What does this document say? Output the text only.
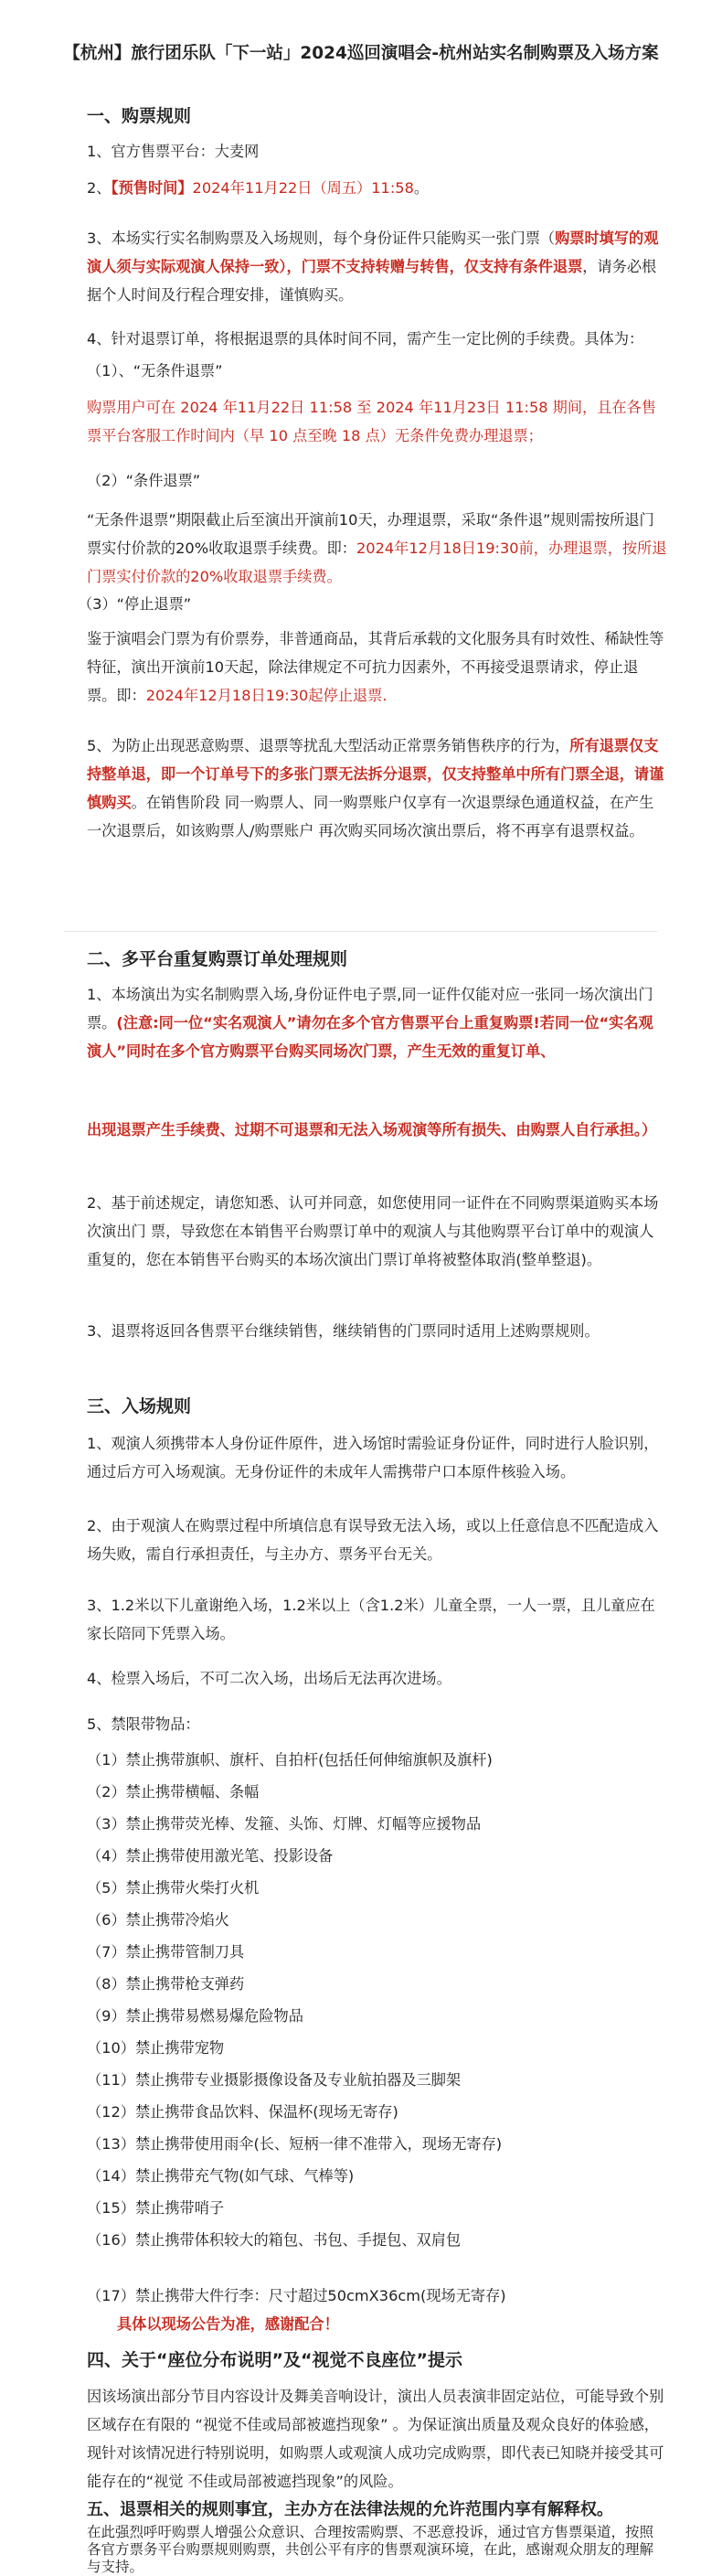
【杭州】旅行团乐队「下一站」2024巡回演唱会-杭州站实名制购票及入场方案
一、购票规则
1、官方售票平台：大麦网
2、【预售时间】2024年11月22日（周五）11:58。
3、本场实行实名制购票及入场规则，每个身份证件只能购买一张门票（购票时填写的观演人须与实际观演人保持一致），门票不支持转赠与转售，仅支持有条件退票，请务必根据个人时间及行程合理安排，谨慎购买。
4、针对退票订单，将根据退票的具体时间不同，需产生一定比例的手续费。具体为：
（1）、“无条件退票”
购票用户可在 2024 年11月22日 11:58 至 2024 年11月23日 11:58 期间，且在各售票平台客服工作时间内（早 10 点至晚 18 点）无条件免费办理退票；
（2）“条件退票”
“无条件退票”期限截止后至演出开演前10天，办理退票，采取“条件退”规则需按所退门票实付价款的20%收取退票手续费。即：2024年12月18日19:30前，办理退票，按所退门票实付价款的20%收取退票手续费。
（3）“停止退票”
鉴于演唱会门票为有价票券，非普通商品，其背后承载的文化服务具有时效性、稀缺性等特征，演出开演前10天起，除法律规定不可抗力因素外，不再接受退票请求，停止退票。即：2024年12月18日19:30起停止退票.
5、为防止出现恶意购票、退票等扰乱大型活动正常票务销售秩序的行为，所有退票仅支持整单退，即一个订单号下的多张门票无法拆分退票，仅支持整单中所有门票全退，请谨慎购买。在销售阶段 同一购票人、同一购票账户仅享有一次退票绿色通道权益，在产生一次退票后，如该购票人/购票账户 再次购买同场次演出票后，将不再享有退票权益。
二、多平台重复购票订单处理规则
1、本场演出为实名制购票入场,身份证件电子票,同一证件仅能对应一张同一场次演出门票。(注意:同一位“实名观演人”请勿在多个官方售票平台上重复购票!若同一位“实名观演人”同时在多个官方购票平台购买同场次门票，产生无效的重复订单、
出现退票产生手续费、过期不可退票和无法入场观演等所有损失、由购票人自行承担。）
2、基于前述规定，请您知悉、认可并同意，如您使用同一证件在不同购票渠道购买本场次演出门 票，导致您在本销售平台购票订单中的观演人与其他购票平台订单中的观演人重复的，您在本销售平台购买的本场次演出门票订单将被整体取消(整单整退)。
3、退票将返回各售票平台继续销售，继续销售的门票同时适用上述购票规则。
三、入场规则
1、观演人须携带本人身份证件原件，进入场馆时需验证身份证件，同时进行人脸识别，通过后方可入场观演。无身份证件的未成年人需携带户口本原件核验入场。
2、由于观演人在购票过程中所填信息有误导致无法入场，或以上任意信息不匹配造成入场失败，需自行承担责任，与主办方、票务平台无关。
3、1.2米以下儿童谢绝入场，1.2米以上（含1.2米）儿童全票，一人一票，且儿童应在家长陪同下凭票入场。
4、检票入场后，不可二次入场，出场后无法再次进场。
5、禁限带物品：
（1）禁止携带旗帜、旗杆、自拍杆(包括任何伸缩旗帜及旗杆)
（2）禁止携带横幅、条幅
（3）禁止携带荧光棒、发箍、头饰、灯牌、灯幅等应援物品
（4）禁止携带使用激光笔、投影设备
（5）禁止携带火柴打火机
（6）禁止携带冷焰火
（7）禁止携带管制刀具
（8）禁止携带枪支弹药
（9）禁止携带易燃易爆危险物品
（10）禁止携带宠物
（11）禁止携带专业摄影摄像设备及专业航拍器及三脚架
（12）禁止携带食品饮料、保温杯(现场无寄存)
（13）禁止携带使用雨伞(长、短柄一律不准带入，现场无寄存)
（14）禁止携带充气物(如气球、气棒等)
（15）禁止携带哨子
（16）禁止携带体积较大的箱包、书包、手提包、双肩包
（17）禁止携带大件行李：尺寸超过50cmX36cm(现场无寄存)
具体以现场公告为准，感谢配合！
四、关于“座位分布说明”及“视觉不良座位”提示
因该场演出部分节目内容设计及舞美音响设计，演出人员表演非固定站位，可能导致个别区域存在有限的 “视觉不佳或局部被遮挡现象” 。为保证演出质量及观众良好的体验感，现针对该情况进行特别说明，如购票人或观演人成功完成购票，即代表已知晓并接受其可能存在的“视觉 不佳或局部被遮挡现象”的风险。
五、退票相关的规则事宜，主办方在法律法规的允许范围内享有解释权。
在此强烈呼吁购票人增强公众意识、合理按需购票、不恶意投诉，通过官方售票渠道，按照各官方票务平台购票规则购票，共创公平有序的售票观演环境，在此，感谢观众朋友的理解与支持。
